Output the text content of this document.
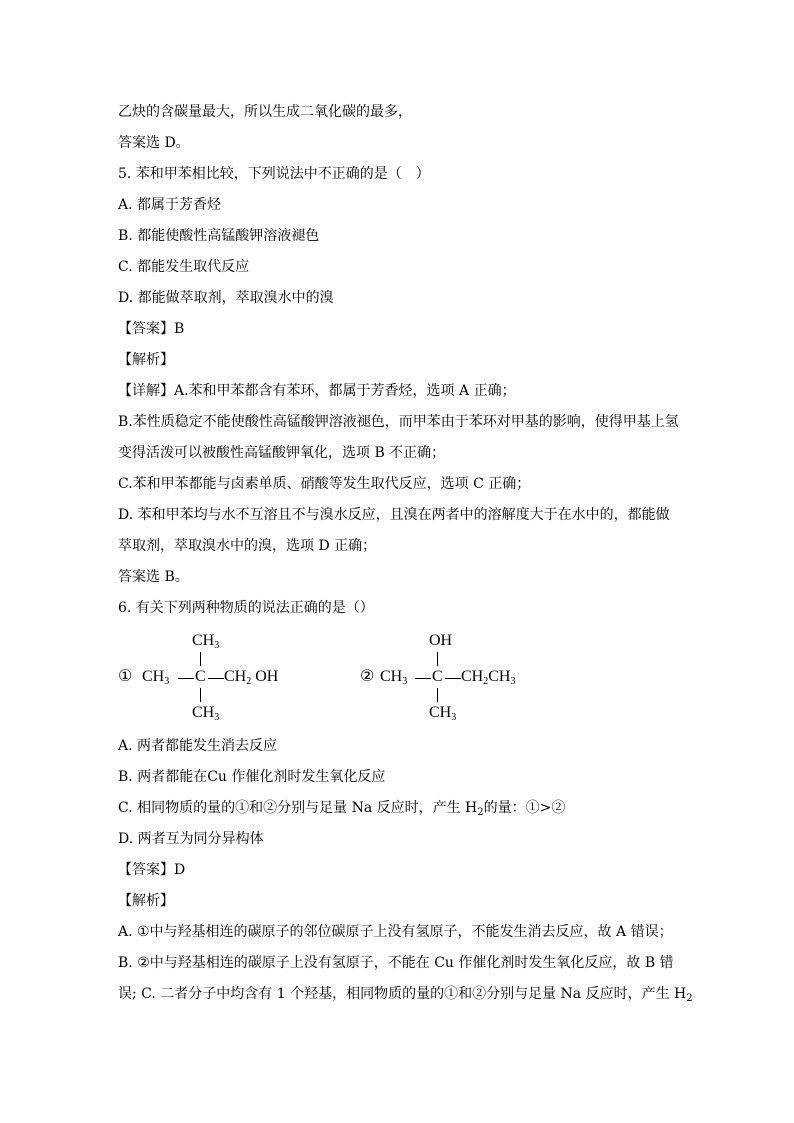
乙炔的含碳量最大，所以生成二氧化碳的最多，
答案选 D。
5. 苯和甲苯相比较，下列说法中不正确的是（　）
A. 都属于芳香烃
B. 都能使酸性高锰酸钾溶液褪色
C. 都能发生取代反应
D. 都能做萃取剂，萃取溴水中的溴
【答案】B
【解析】
【详解】A.苯和甲苯都含有苯环，都属于芳香烃，选项 A 正确；
B.苯性质稳定不能使酸性高锰酸钾溶液褪色，而甲苯由于苯环对甲基的影响，使得甲基上氢
变得活泼可以被酸性高锰酸钾氧化，选项 B 不正确；
C.苯和甲苯都能与卤素单质、硝酸等发生取代反应，选项 C 正确；
D. 苯和甲苯均与水不互溶且不与溴水反应，且溴在两者中的溶解度大于在水中的，都能做
萃取剂，萃取溴水中的溴，选项 D 正确；
答案选 B。
6. 有关下列两种物质的说法正确的是（）
①
$CH_3$
$CH_3$ C $CH_2$ OH
$CH_3$
②
OH
$CH_3$ C $CH_2CH_3$
$CH_3$
A. 两者都能发生消去反应
B. 两者都能在Cu 作催化剂时发生氧化反应
C. 相同物质的量的①和②分别与足量 Na 反应时，产生 $H_2$的量：①>②
D. 两者互为同分异构体
【答案】D
【解析】
A. ①中与羟基相连的碳原子的邻位碳原子上没有氢原子，不能发生消去反应，故 A 错误；
B. ②中与羟基相连的碳原子上没有氢原子，不能在 Cu 作催化剂时发生氧化反应，故 B 错
误; C. 二者分子中均含有 1 个羟基，相同物质的量的①和②分别与足量 Na 反应时，产生 $H_2$
